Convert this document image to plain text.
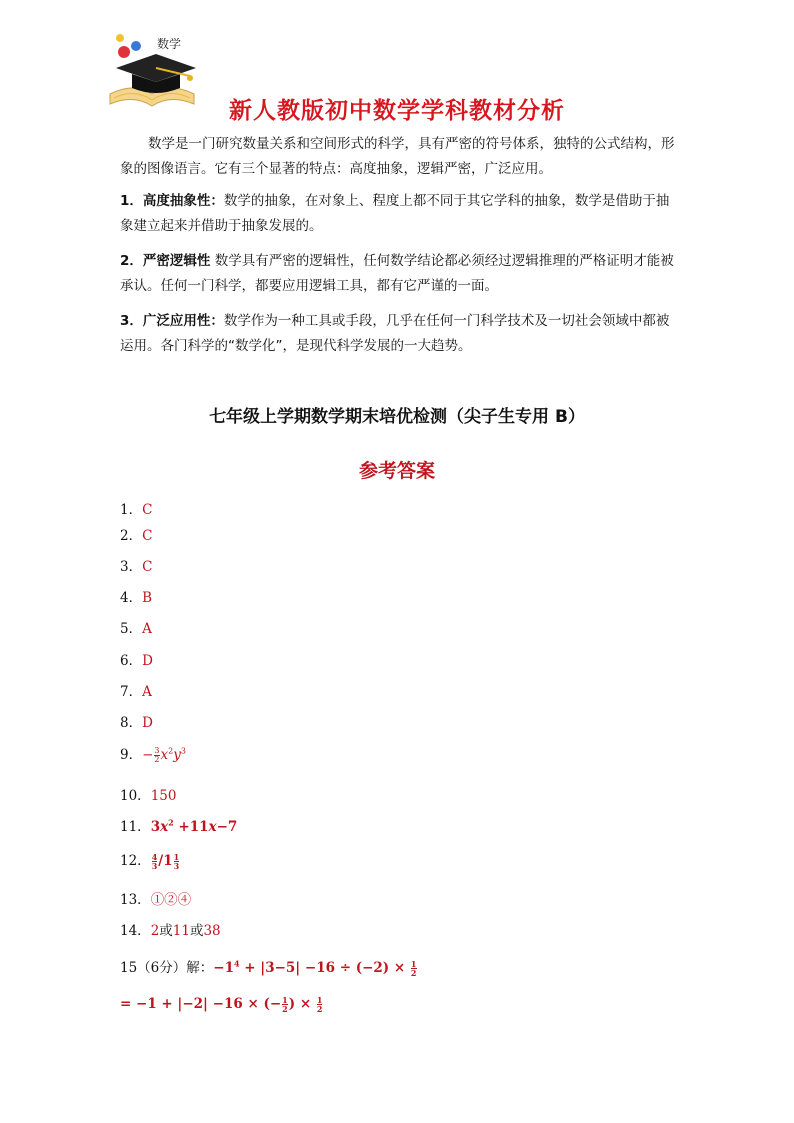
数学
新人教版初中数学学科教材分析

数学是一门研究数量关系和空间形式的科学，具有严密的符号体系，独特的公式结构，形象的图像语言。它有三个显著的特点：高度抽象，逻辑严密，广泛应用。

1．高度抽象性：数学的抽象，在对象上、程度上都不同于其它学科的抽象，数学是借助于抽象建立起来并借助于抽象发展的。

2．严密逻辑性 数学具有严密的逻辑性，任何数学结论都必须经过逻辑推理的严格证明才能被承认。任何一门科学，都要应用逻辑工具，都有它严谨的一面。

3．广泛应用性：数学作为一种工具或手段，几乎在任何一门科学技术及一切社会领域中都被运用。各门科学的“数学化”，是现代科学发展的一大趋势。

七年级上学期数学期末培优检测（尖子生专用 B）
参考答案
1．C
2．C
3．C
4．B
5．A
6．D
7．A
8．D
9．− $\frac{3}{2} x^2y^3$
10．150
11．$3x^2 +11x-7$
12． $\frac{4}{3} /1 \frac{1}{3}$
13．①②④
14．2或11或38
15（6分）解：$-1^4 + |3-5| -16 \div (-2) \times \frac{1}{2}$
= −1 + |−2| −16 × (− $\frac{1}{2}$ ) × $\frac{1}{2}$
